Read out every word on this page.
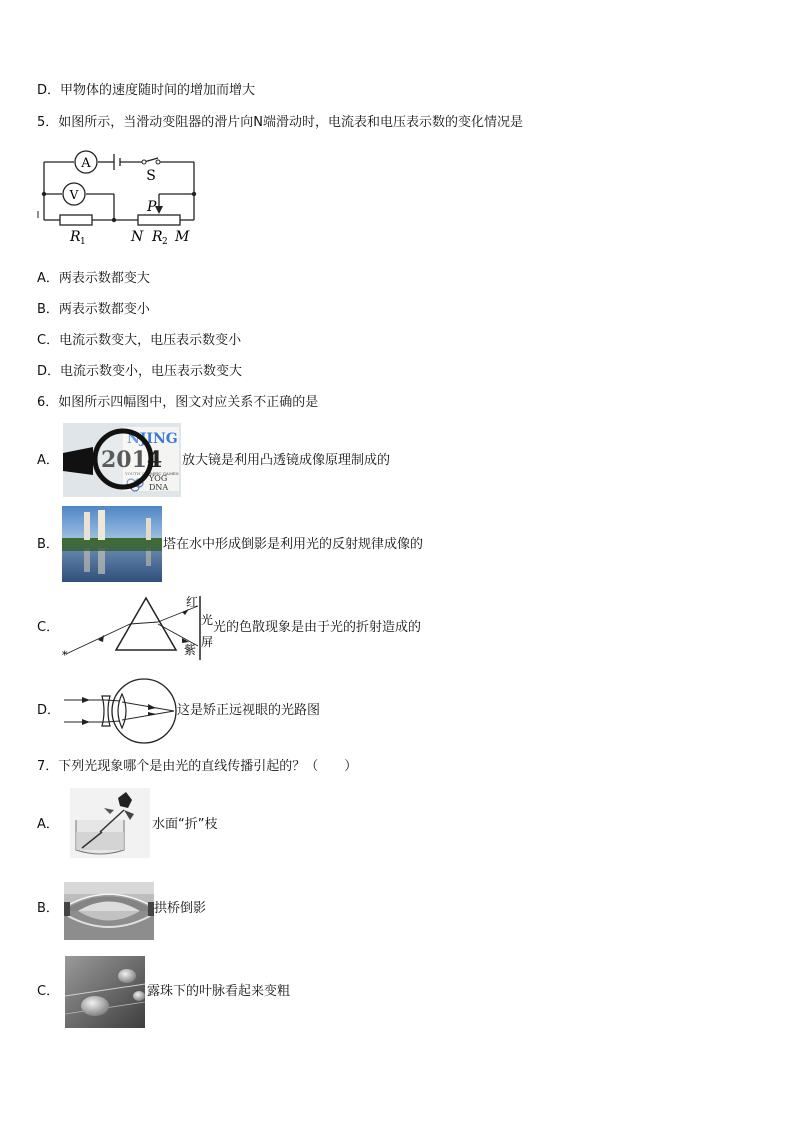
D．甲物体的速度随时间的增加而增大
5．如图所示，当滑动变阻器的滑片向N端滑动时，电流表和电压表示数的变化情况是
A
V
S
P
R 1	N R 2 M
A．两表示数都变大
B．两表示数都变小
C．电流示数变大，电压表示数变小
D．电流示数变小，电压表示数变大
6．如图所示四幅图中，图文对应关系不正确的是
A．
NJING
2014
YOUTH OLYMPIC GAMES
YOG
DNA
放大镜是利用凸透镜成像原理制成的
B．	塔在水中形成倒影是利用光的反射规律成像的
C．
*
红
光
紫
屏
光的色散现象是由于光的折射造成的
D．	这是矫正远视眼的光路图
7．下列光现象哪个是由光的直线传播引起的？（　　）
A．	水面“折”枝
B．	拱桥倒影
C．	露珠下的叶脉看起来变粗
